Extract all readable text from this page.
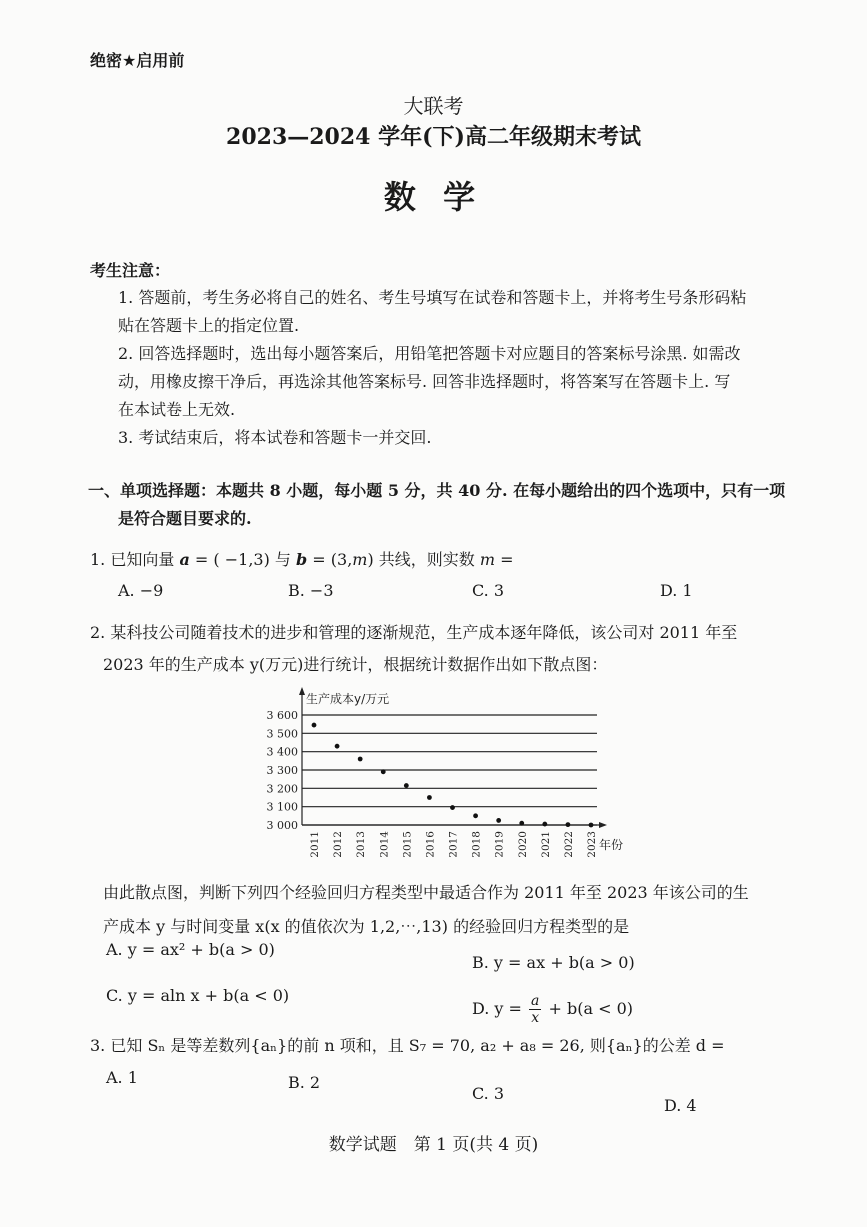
绝密★启用前
大联考
2023—2024 学年(下)高二年级期末考试
数 学
考生注意：
1. 答题前，考生务必将自己的姓名、考生号填写在试卷和答题卡上，并将考生号条形码粘
贴在答题卡上的指定位置.
2. 回答选择题时，选出每小题答案后，用铅笔把答题卡对应题目的答案标号涂黑. 如需改
动，用橡皮擦干净后，再选涂其他答案标号. 回答非选择题时，将答案写在答题卡上. 写
在本试卷上无效.
3. 考试结束后，将本试卷和答题卡一并交回.
一、单项选择题：本题共 8 小题，每小题 5 分，共 40 分. 在每小题给出的四个选项中，只有一项
是符合题目要求的.
1. 已知向量 a = ( −1,3) 与 b = (3,m) 共线，则实数 m =
A. −9	B. −3	C. 3	D. 1
2. 某科技公司随着技术的进步和管理的逐渐规范，生产成本逐年降低，该公司对 2011 年至
2023 年的生产成本 y(万元)进行统计，根据统计数据作出如下散点图：
3 600
3 500
3 400
3 300
3 200
3 100
3 000
生产成本y/万元
年份
2011 2012 2013 2014 2015 2016 2017 2018 2019 2020 2021 2022 2023
由此散点图，判断下列四个经验回归方程类型中最适合作为 2011 年至 2023 年该公司的生
产成本 y 与时间变量 x(x 的值依次为 1,2,⋯,13) 的经验回归方程类型的是
A. y = ax² + b(a > 0)
B. y = ax + b(a > 0)
C. y = aln x + b(a < 0)
D. $y = \frac{a}{x} + b(a < 0)$
3. 已知 Sₙ 是等差数列{aₙ}的前 n 项和，且 S₇ = 70, a₂ + a₈ = 26, 则{aₙ}的公差 d =
A. 1	B. 2
C. 3
D. 4
数学试题　第 1 页(共 4 页)
